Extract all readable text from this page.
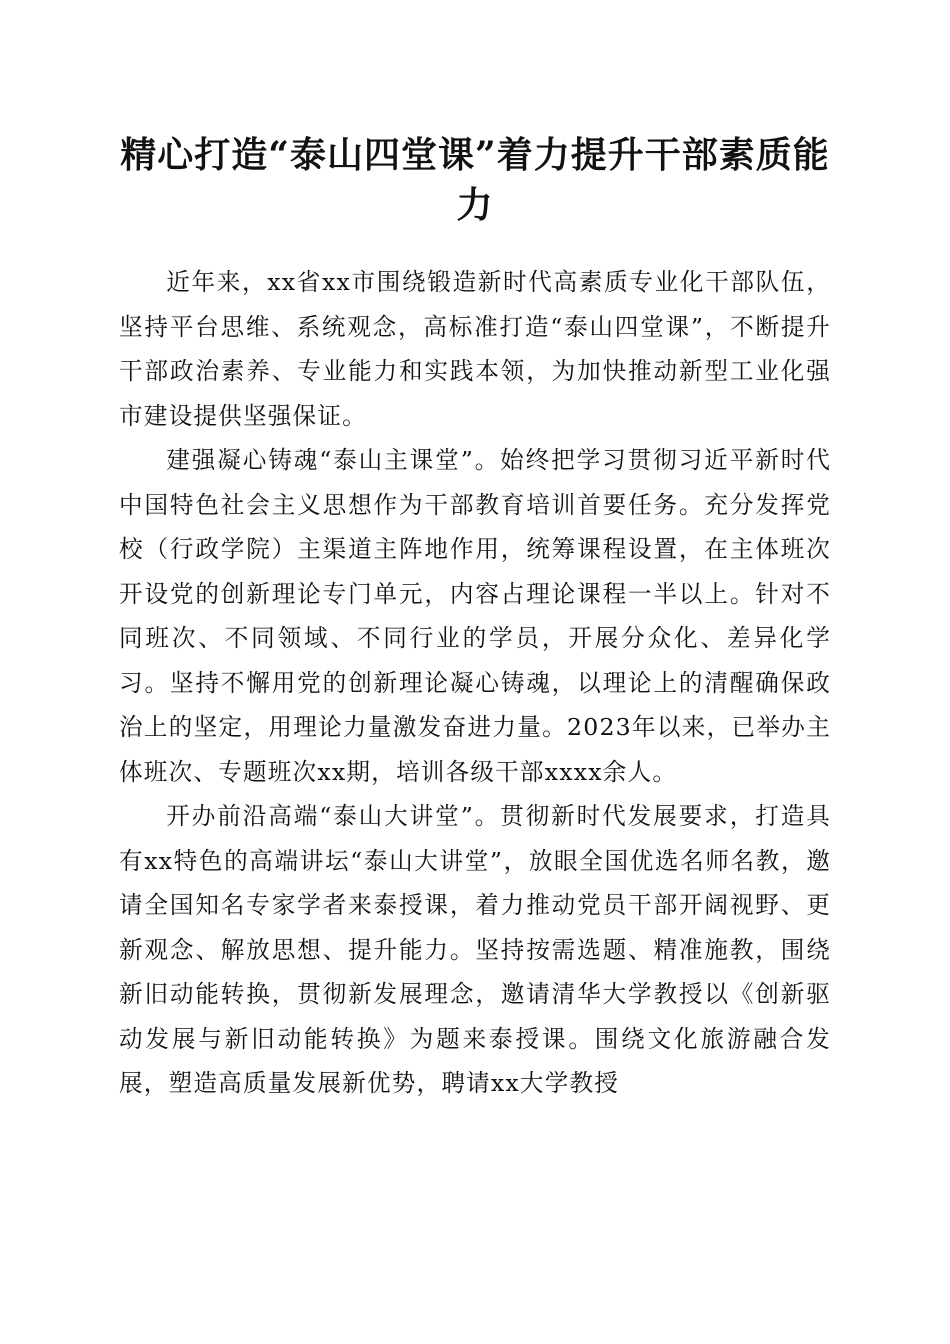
精心打造“泰山四堂课”着力提升干部素质能力

近年来，xx省xx市围绕锻造新时代高素质专业化干部队伍，坚持平台思维、系统观念，高标准打造“泰山四堂课”，不断提升干部政治素养、专业能力和实践本领，为加快推动新型工业化强市建设提供坚强保证。

建强凝心铸魂“泰山主课堂”。始终把学习贯彻习近平新时代中国特色社会主义思想作为干部教育培训首要任务。充分发挥党校（行政学院）主渠道主阵地作用，统筹课程设置，在主体班次开设党的创新理论专门单元，内容占理论课程一半以上。针对不同班次、不同领域、不同行业的学员，开展分众化、差异化学习。坚持不懈用党的创新理论凝心铸魂，以理论上的清醒确保政治上的坚定，用理论力量激发奋进力量。2023年以来，已举办主体班次、专题班次xx期，培训各级干部xxxx余人。

开办前沿高端“泰山大讲堂”。贯彻新时代发展要求，打造具有xx特色的高端讲坛“泰山大讲堂”，放眼全国优选名师名教，邀请全国知名专家学者来泰授课，着力推动党员干部开阔视野、更新观念、解放思想、提升能力。坚持按需选题、精准施教，围绕新旧动能转换，贯彻新发展理念，邀请清华大学教授以《创新驱动发展与新旧动能转换》为题来泰授课。围绕文化旅游融合发展，塑造高质量发展新优势，聘请xx大学教授
